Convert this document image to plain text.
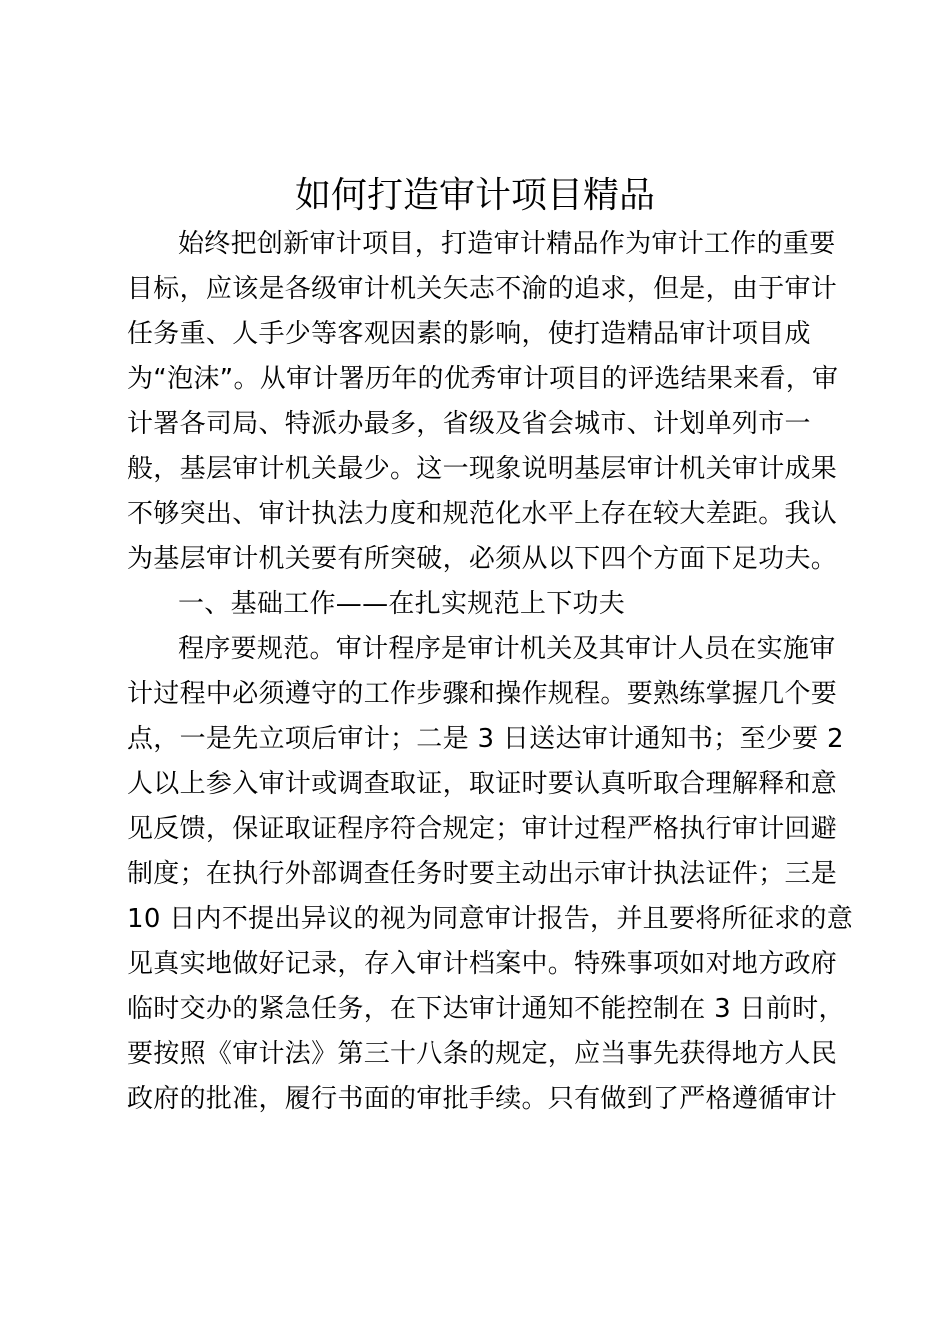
如何打造审计项目精品
始终把创新审计项目，打造审计精品作为审计工作的重要
目标，应该是各级审计机关矢志不渝的追求，但是，由于审计
任务重、人手少等客观因素的影响，使打造精品审计项目成
为“泡沫”。从审计署历年的优秀审计项目的评选结果来看，审
计署各司局、特派办最多，省级及省会城市、计划单列市一
般，基层审计机关最少。这一现象说明基层审计机关审计成果
不够突出、审计执法力度和规范化水平上存在较大差距。我认
为基层审计机关要有所突破，必须从以下四个方面下足功夫。
一、基础工作——在扎实规范上下功夫
程序要规范。审计程序是审计机关及其审计人员在实施审
计过程中必须遵守的工作步骤和操作规程。要熟练掌握几个要
点，一是先立项后审计；二是 3 日送达审计通知书；至少要 2
人以上参入审计或调查取证，取证时要认真听取合理解释和意
见反馈，保证取证程序符合规定；审计过程严格执行审计回避
制度；在执行外部调查任务时要主动出示审计执法证件；三是
10 日内不提出异议的视为同意审计报告，并且要将所征求的意
见真实地做好记录，存入审计档案中。特殊事项如对地方政府
临时交办的紧急任务，在下达审计通知不能控制在 3 日前时，
要按照《审计法》第三十八条的规定，应当事先获得地方人民
政府的批准，履行书面的审批手续。只有做到了严格遵循审计
